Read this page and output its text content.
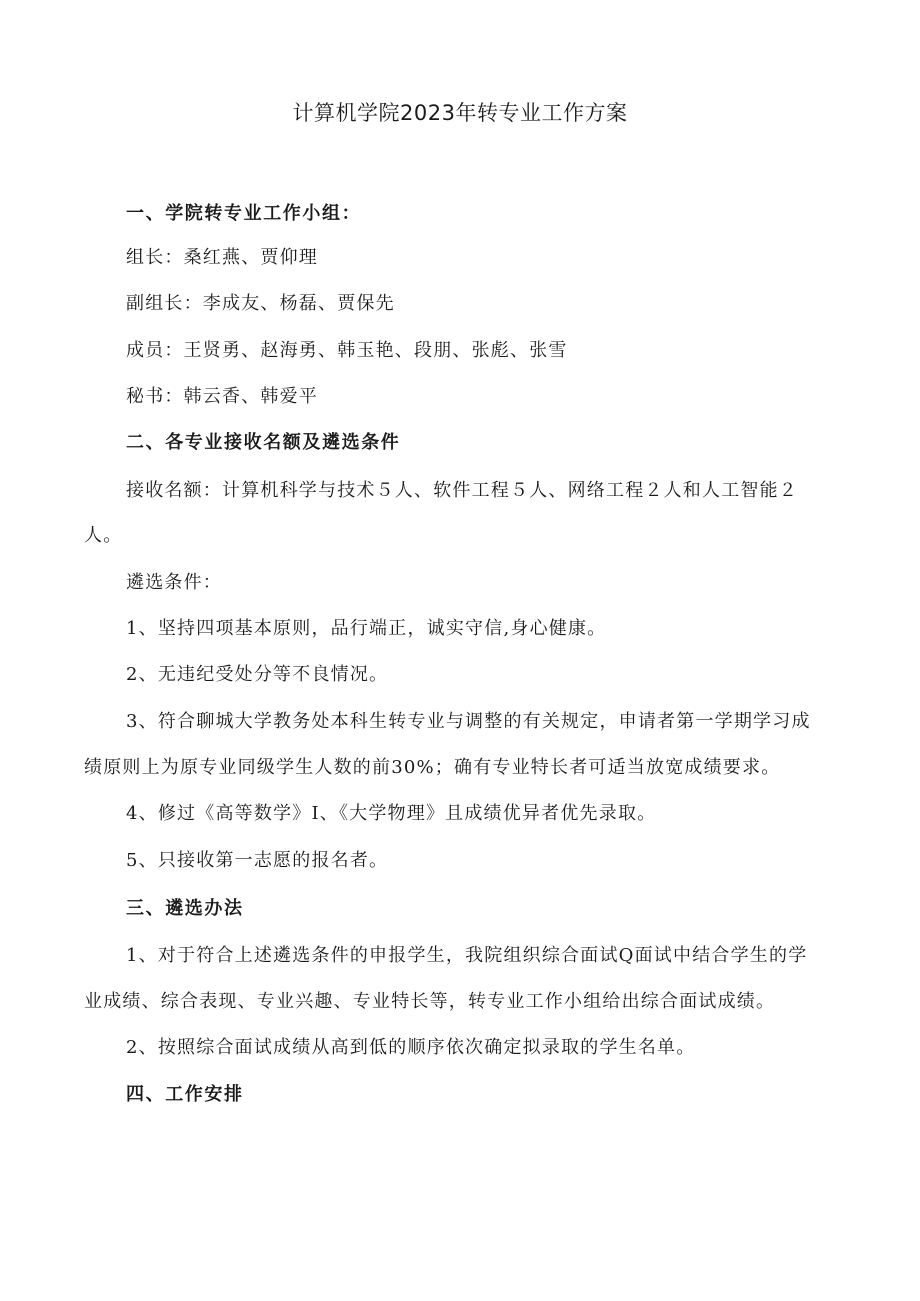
计算机学院2023年转专业工作方案
一、学院转专业工作小组：
组长：桑红燕、贾仰理
副组长：李成友、杨磊、贾保先
成员：王贤勇、赵海勇、韩玉艳、段朋、张彪、张雪
秘书：韩云香、韩爱平
二、各专业接收名额及遴选条件
接收名额：计算机科学与技术５人、软件工程５人、网络工程２人和人工智能２
人。
遴选条件：
1、坚持四项基本原则，品行端正，诚实守信,身心健康。
2、无违纪受处分等不良情况。
3、符合聊城大学教务处本科生转专业与调整的有关规定，申请者第一学期学习成
绩原则上为原专业同级学生人数的前30%；确有专业特长者可适当放宽成绩要求。
4、修过《高等数学》I、《大学物理》且成绩优异者优先录取。
5、只接收第一志愿的报名者。
三、遴选办法
1、对于符合上述遴选条件的申报学生，我院组织综合面试Q面试中结合学生的学
业成绩、综合表现、专业兴趣、专业特长等，转专业工作小组给出综合面试成绩。
2、按照综合面试成绩从高到低的顺序依次确定拟录取的学生名单。
四、工作安排
